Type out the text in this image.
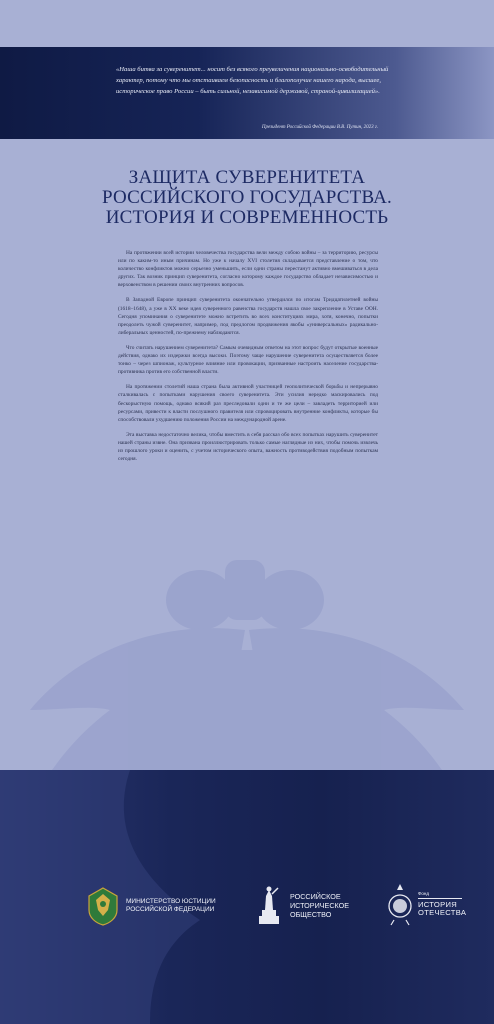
«Наша битва за суверенитет... носит без всякого преувеличения национально-освободительный характер, потому что мы отстаиваем безопасность и благополучие нашего народа, высшее, историческое право России – быть сильной, независимой державой, страной-цивилизацией».
Президент Российской Федерации В.В. Путин, 2023 г.
ЗАЩИТА СУВЕРЕНИТЕТА
РОССИЙСКОГО ГОСУДАРСТВА.
ИСТОРИЯ И СОВРЕМЕННОСТЬ

На протяжении всей истории человечества государства вели между собою войны – за территорию, ресурсы или по каким-то иным причинам. Но уже к началу XVI столетия складывается представление о том, что количество конфликтов можно серьезно уменьшить, если одни страны перестанут активно вмешиваться в дела других. Так возник принцип суверенитета, согласно которому каждое государство обладает независимостью и верховенством в решении своих внутренних вопросов.

В Западной Европе принцип суверенитета окончательно утвердился по итогам Тридцатилетней войны (1618–1648), а уже в XX веке идея суверенного равенства государств нашла свое закрепление в Уставе ООН. Сегодня упоминания о суверенитете можно встретить во всех конституциях мира, хотя, конечно, попытки преодолеть чужой суверенитет, например, под предлогом продвижения якобы «универсальных» радикально-либеральных ценностей, по-прежнему наблюдаются.

Что считать нарушением суверенитета? Самым очевидным ответом на этот вопрос будут открытые военные действия, однако их издержки всегда высоки. Поэтому чаще нарушение суверенитета осуществляется более тонко – через шпионаж, культурное влияние или провокации, призванные настроить население государства-противника против его собственной власти.

На протяжении столетий наша страна была активной участницей геополитической борьбы и непрерывно сталкивалась с попытками нарушения своего суверенитета. Эти усилия нередко маскировались под бескорыстную помощь, однако всякий раз преследовали одни и те же цели – завладеть территорией или ресурсами, привести к власти послушного правителя или спровоцировать внутренние конфликты, которые бы способствовали ухудшению положения России на международной арене.

Эта выставка недостаточно велика, чтобы вместить в себя рассказ обо всех попытках нарушить суверенитет нашей страны извне. Она призвана проиллюстрировать только самые наглядные из них, чтобы помочь извлечь из прошлого уроки и оценить, с учетом исторического опыта, важность противодействия подобным попыткам сегодня.

МИНИСТЕРСТВО ЮСТИЦИИ
РОССИЙСКОЙ ФЕДЕРАЦИИ
РОССИЙСКОЕ
ИСТОРИЧЕСКОЕ
ОБЩЕСТВО
Фонд
ИСТОРИЯ
ОТЕЧЕСТВА
